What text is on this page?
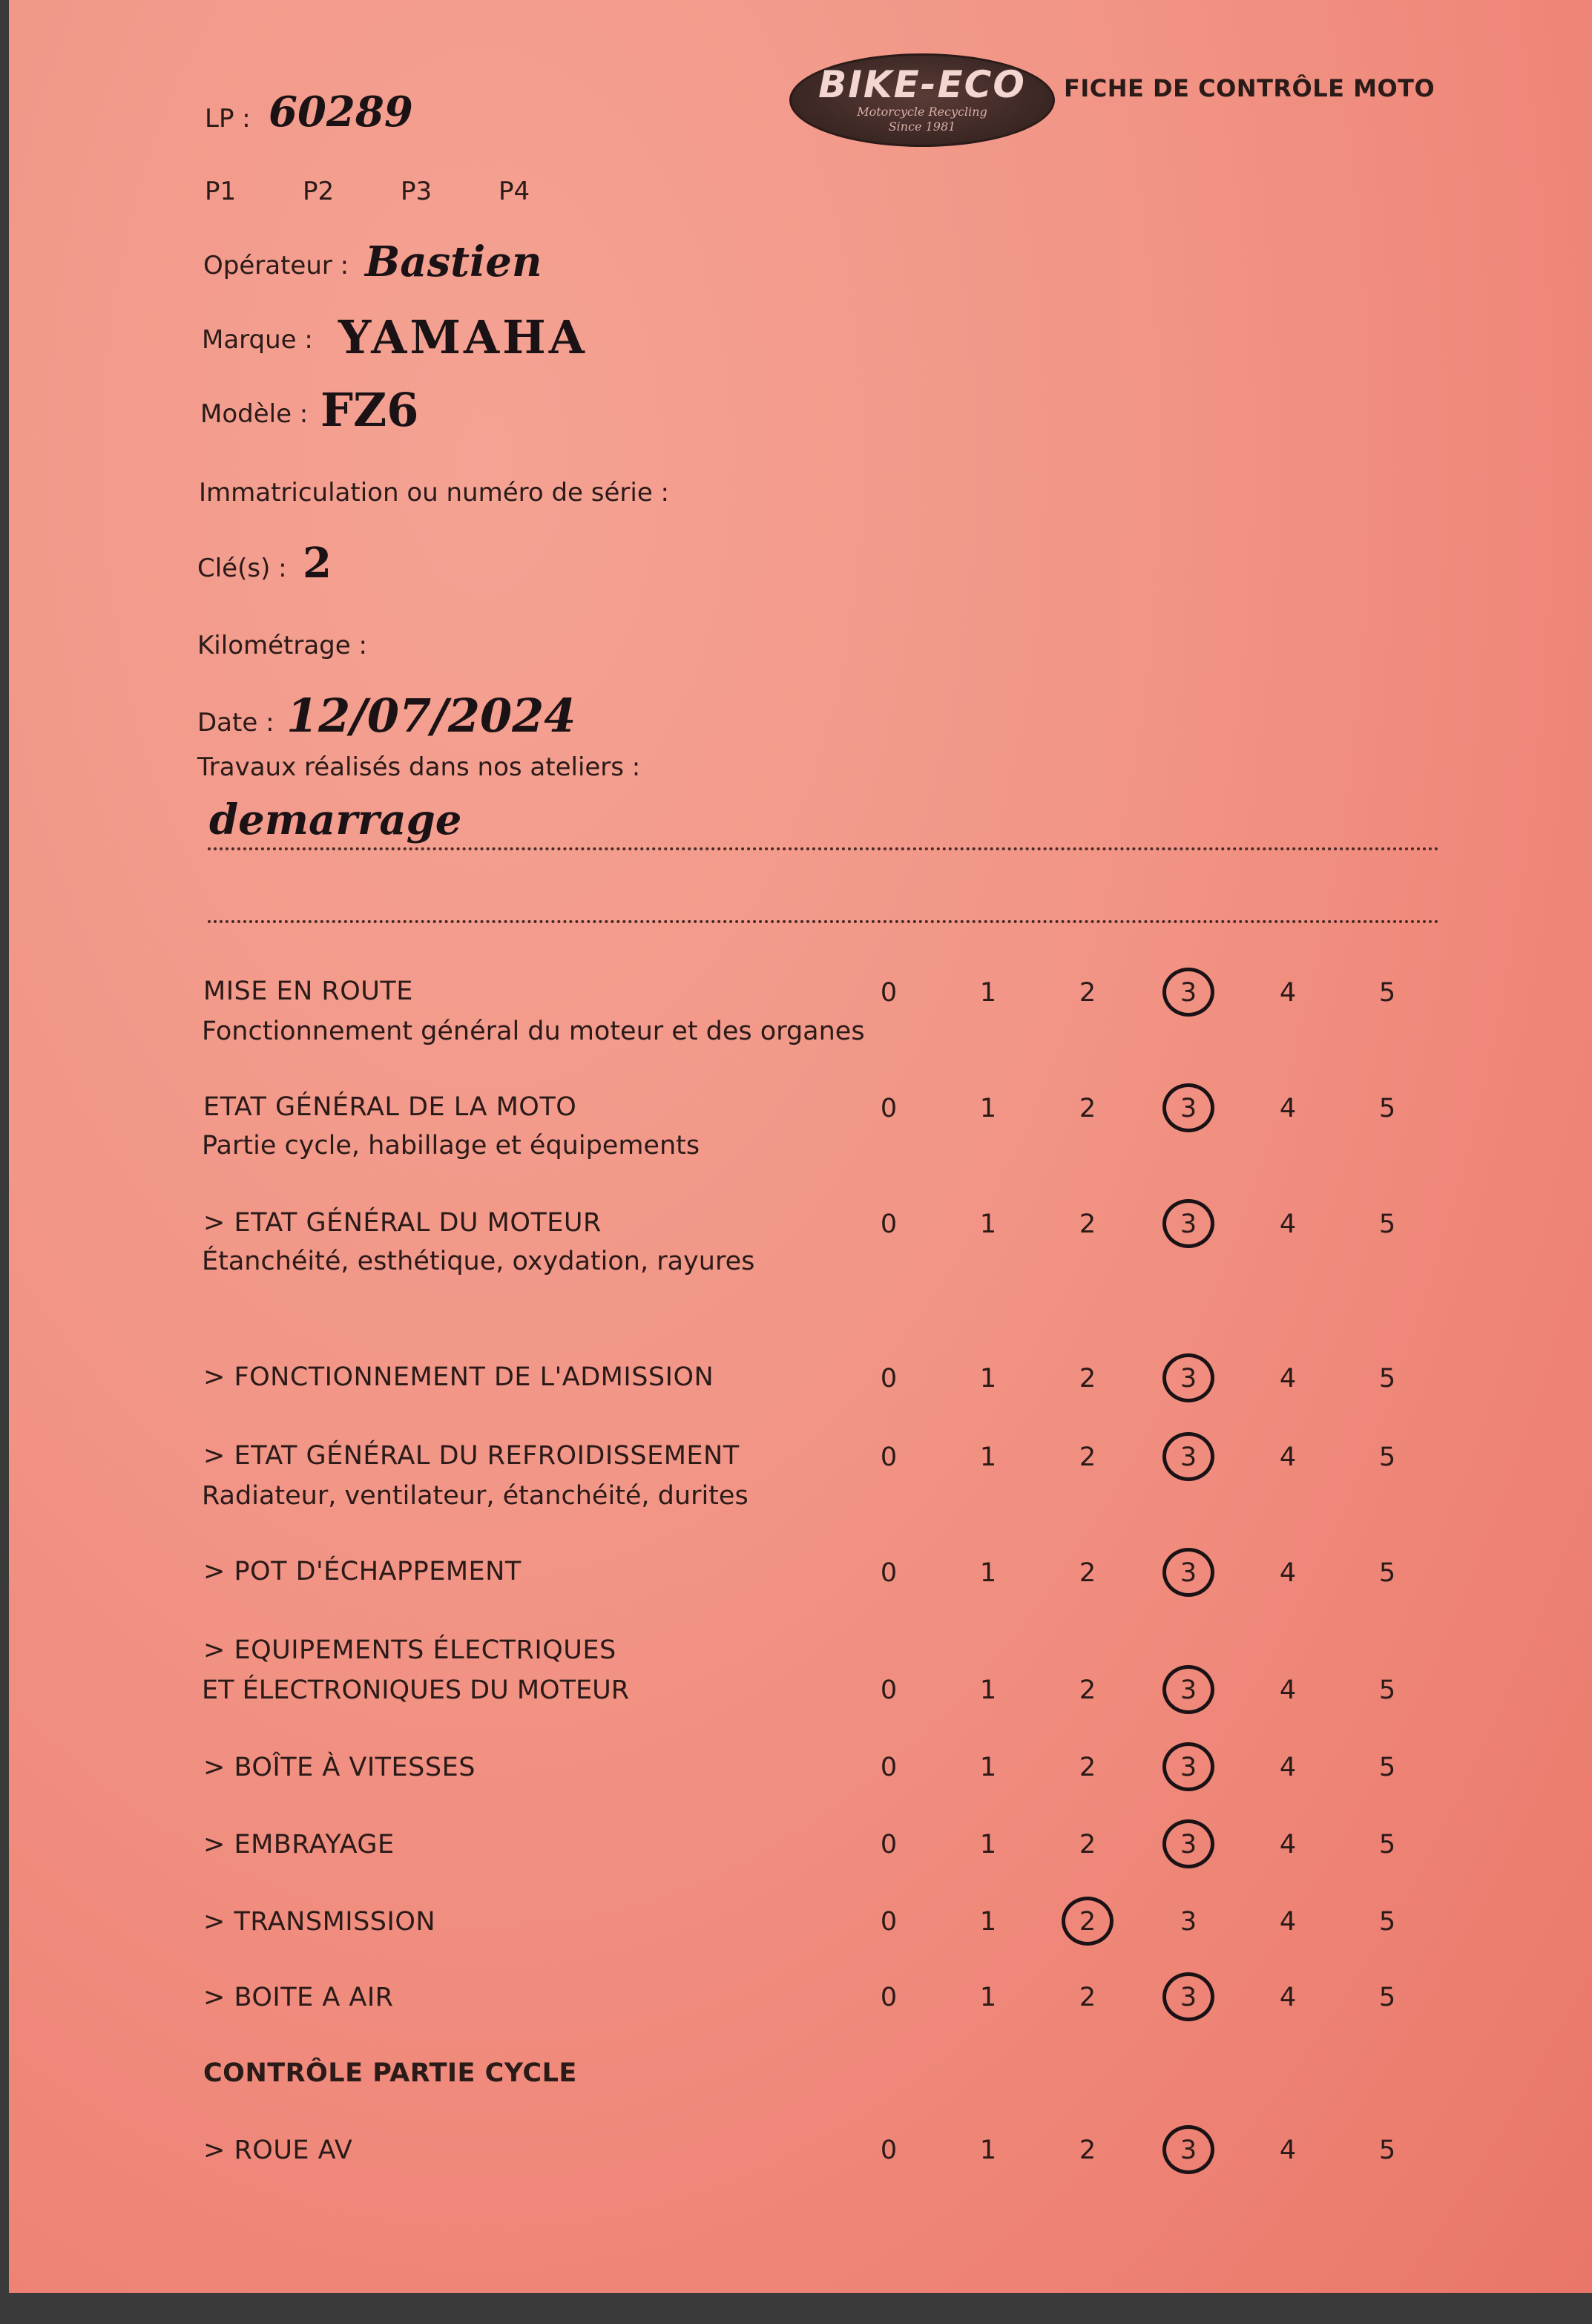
LP : 60289
P1	P2	P3	P4
BIKE-ECO
Motorcycle Recycling
Since 1981
FICHE DE CONTRÔLE MOTO
Opérateur : Bastien
Marque : YAMAHA
Modèle : FZ6
Immatriculation ou numéro de série :
Clé(s) : 2
Kilométrage :
Date : 12/07/2024
Travaux réalisés dans nos ateliers :
demarrage
MISE EN ROUTE
Fonctionnement général du moteur et des organes
0	1	2	3	4	5
ETAT GÉNÉRAL DE LA MOTO
Partie cycle, habillage et équipements
0	1	2	3	4	5
> ETAT GÉNÉRAL DU MOTEUR
Étanchéité, esthétique, oxydation, rayures
0	1	2	3	4	5
> FONCTIONNEMENT DE L'ADMISSION	0	1	2	3	4	5
> ETAT GÉNÉRAL DU REFROIDISSEMENT
Radiateur, ventilateur, étanchéité, durites
0	1	2	3	4	5
> POT D'ÉCHAPPEMENT	0	1	2	3	4	5
> EQUIPEMENTS ÉLECTRIQUES
ET ÉLECTRONIQUES DU MOTEUR	0	1	2	3	4	5
> BOÎTE À VITESSES	0	1	2	3	4	5
> EMBRAYAGE	0	1	2	3	4	5
> TRANSMISSION	0	1	2	3	4	5
> BOITE A AIR	0	1	2	3	4	5
CONTRÔLE PARTIE CYCLE
> ROUE AV	0	1	2	3	4	5
